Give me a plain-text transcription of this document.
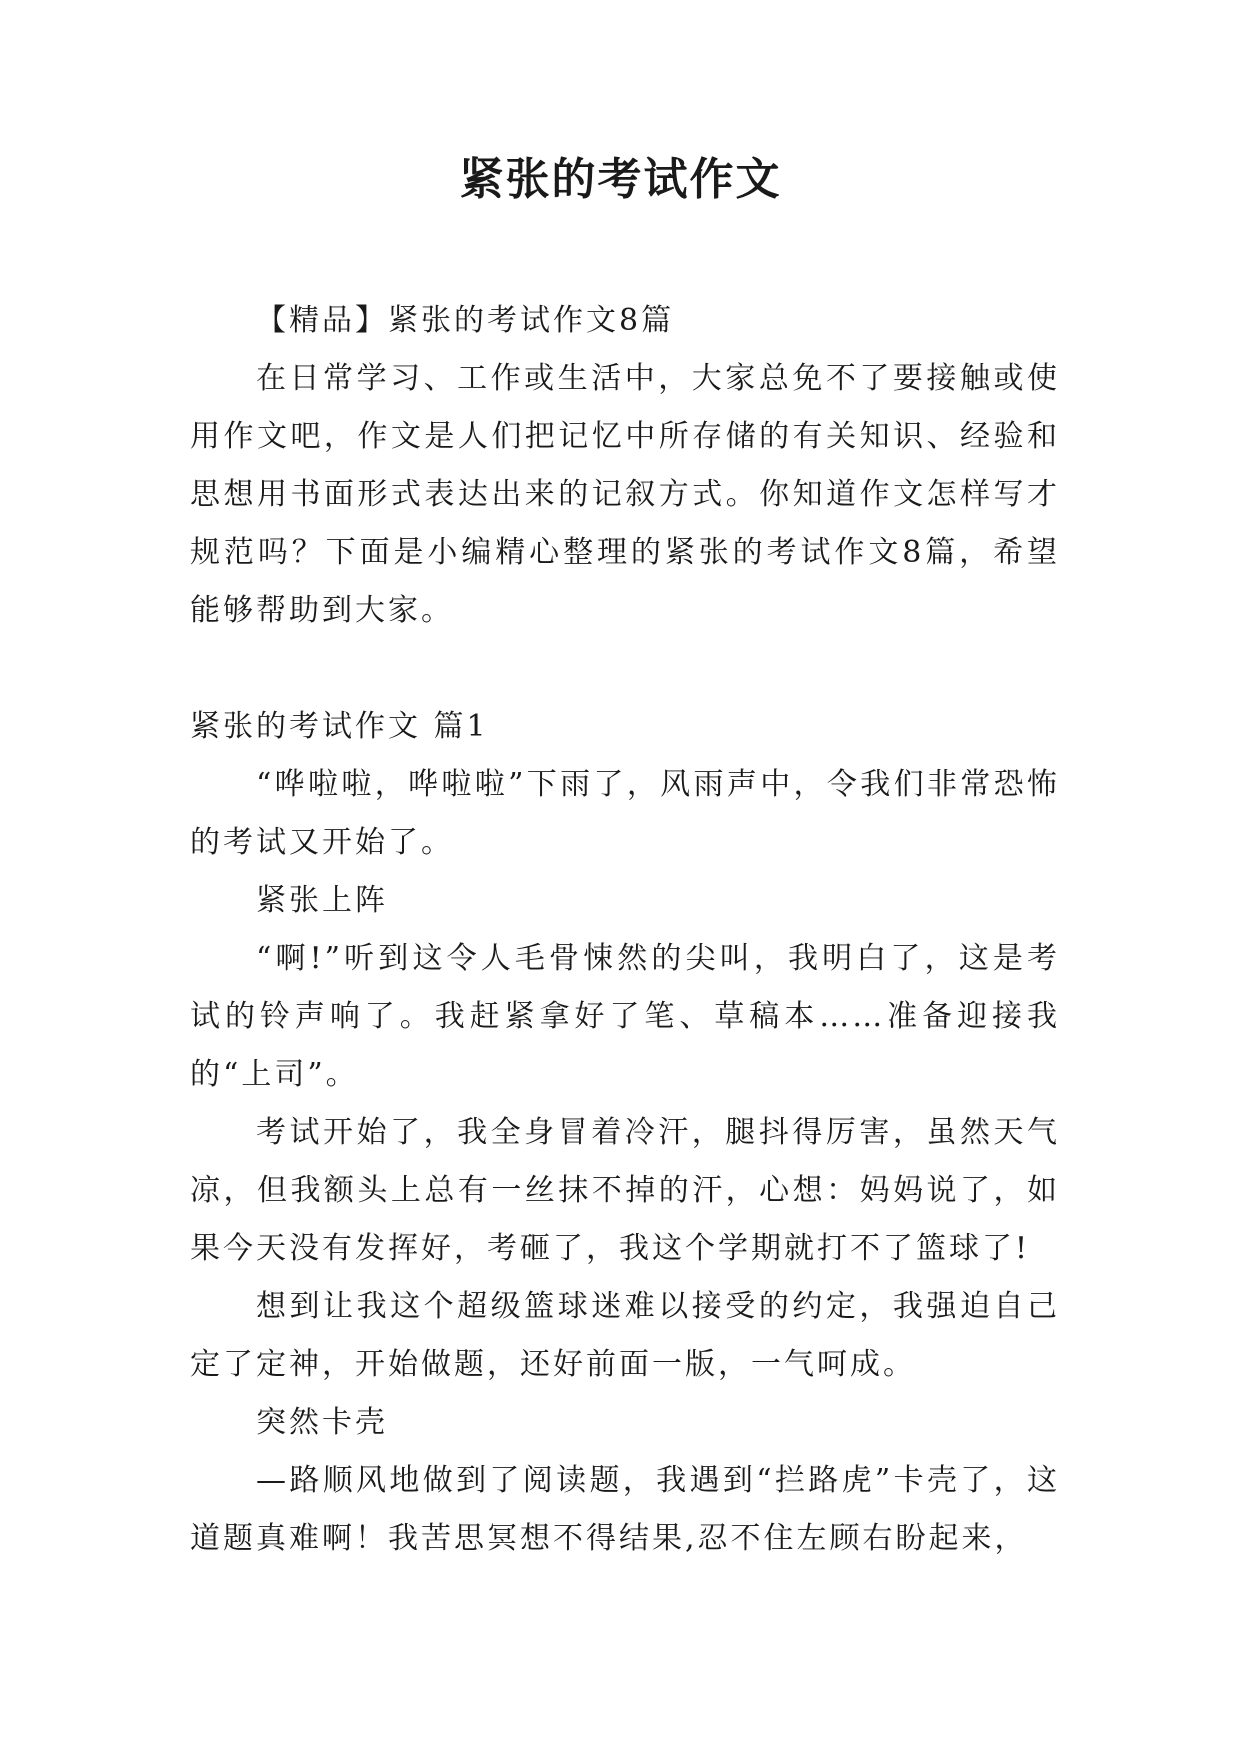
紧张的考试作文

【精品】紧张的考试作文8篇

在日常学习、工作或生活中，大家总免不了要接触或使用作文吧，作文是人们把记忆中所存储的有关知识、经验和思想用书面形式表达出来的记叙方式。你知道作文怎样写才规范吗？下面是小编精心整理的紧张的考试作文8篇，希望能够帮助到大家。

紧张的考试作文 篇1

“哗啦啦，哗啦啦”下雨了，风雨声中，令我们非常恐怖的考试又开始了。

紧张上阵

“啊!”听到这令人毛骨悚然的尖叫，我明白了，这是考试的铃声响了。我赶紧拿好了笔、草稿本……准备迎接我的“上司”。

考试开始了，我全身冒着冷汗，腿抖得厉害，虽然天气凉，但我额头上总有一丝抹不掉的汗，心想：妈妈说了，如果今天没有发挥好，考砸了，我这个学期就打不了篮球了!

想到让我这个超级篮球迷难以接受的约定，我强迫自己定了定神，开始做题，还好前面一版，一气呵成。

突然卡壳

—路顺风地做到了阅读题，我遇到“拦路虎”卡壳了，这道题真难啊！我苦思冥想不得结果,忍不住左顾右盼起来，
